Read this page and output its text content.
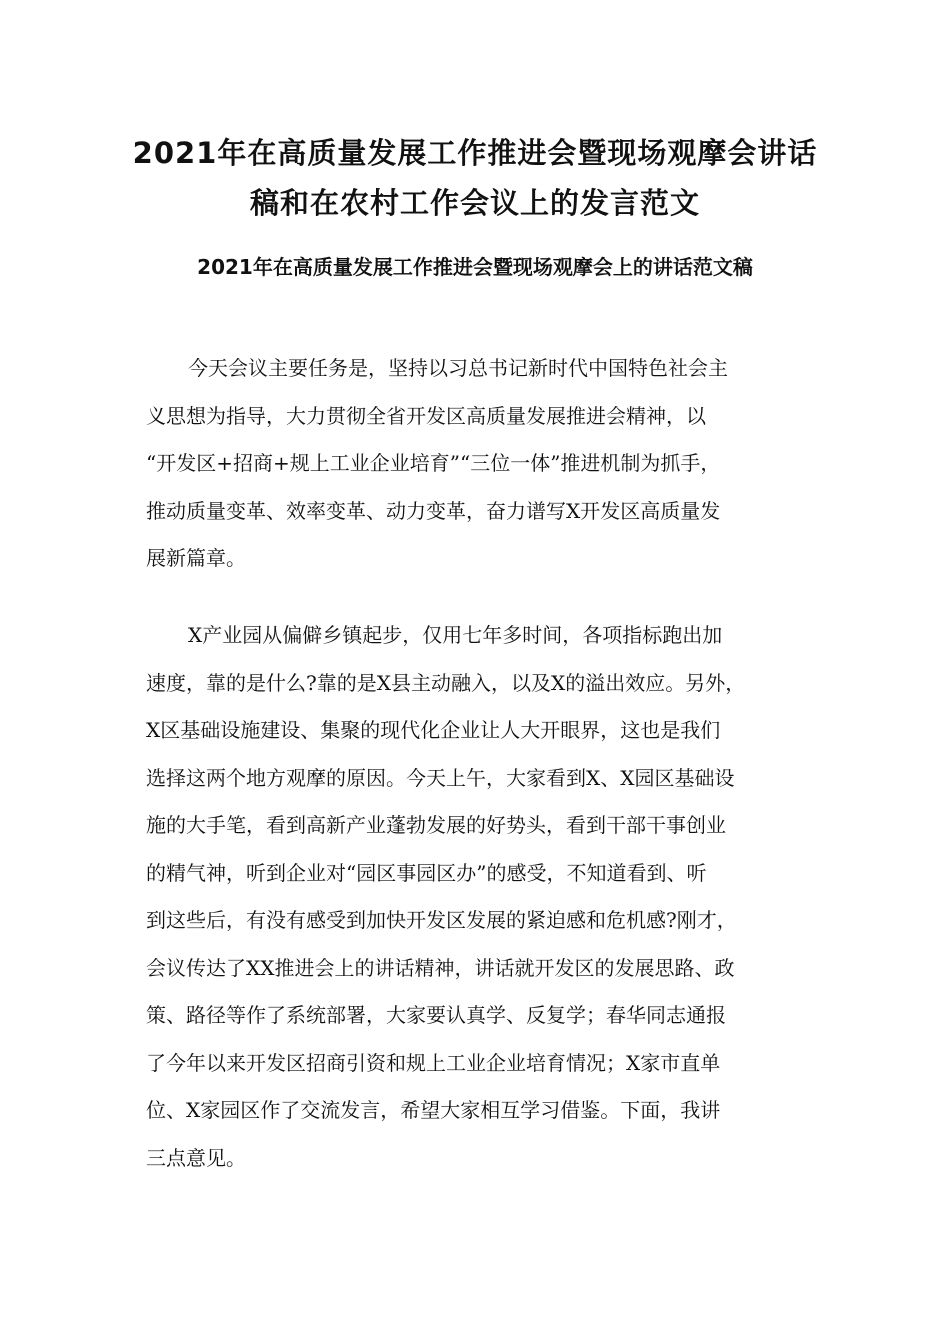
2021年在高质量发展工作推进会暨现场观摩会讲话
稿和在农村工作会议上的发言范文
2021年在高质量发展工作推进会暨现场观摩会上的讲话范文稿

今天会议主要任务是，坚持以习总书记新时代中国特色社会主
义思想为指导，大力贯彻全省开发区高质量发展推进会精神，以
“开发区+招商+规上工业企业培育”“三位一体”推进机制为抓手，
推动质量变革、效率变革、动力变革，奋力谱写X开发区高质量发
展新篇章。

X产业园从偏僻乡镇起步，仅用七年多时间，各项指标跑出加
速度，靠的是什么?靠的是X县主动融入，以及X的溢出效应。另外，
X区基础设施建设、集聚的现代化企业让人大开眼界，这也是我们
选择这两个地方观摩的原因。今天上午，大家看到X、X园区基础设
施的大手笔，看到高新产业蓬勃发展的好势头，看到干部干事创业
的精气神，听到企业对“园区事园区办”的感受，不知道看到、听
到这些后，有没有感受到加快开发区发展的紧迫感和危机感?刚才，
会议传达了XX推进会上的讲话精神，讲话就开发区的发展思路、政
策、路径等作了系统部署，大家要认真学、反复学；春华同志通报
了今年以来开发区招商引资和规上工业企业培育情况；X家市直单
位、X家园区作了交流发言，希望大家相互学习借鉴。下面，我讲
三点意见。
